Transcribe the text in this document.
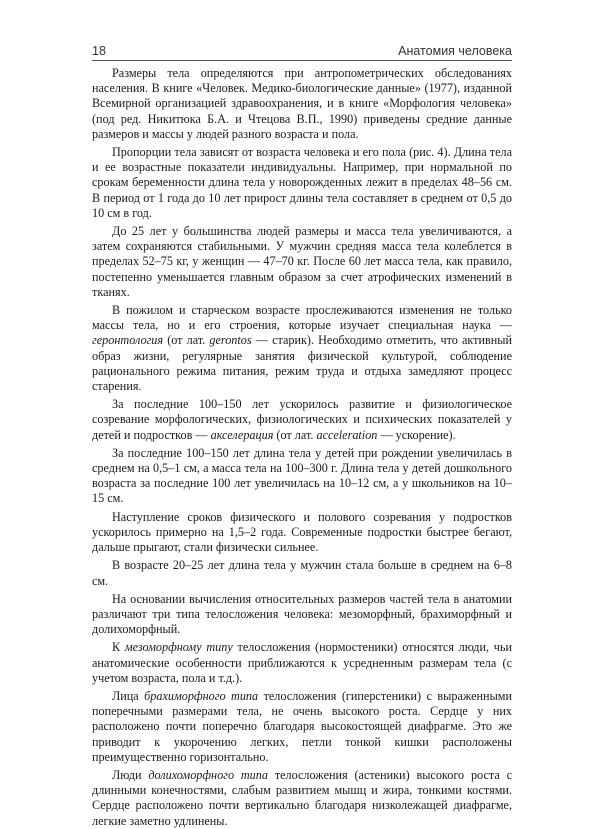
18	Анатомия человека

Размеры тела определяются при антропометрических обследованиях населения. В книге «Человек. Медико-биологические данные» (1977), изданной Всемирной организацией здравоохранения, и в книге «Морфология человека» (под ред. Никитюка Б.А. и Чтецова В.П., 1990) приведены средние данные размеров и массы у людей разного возраста и пола.

Пропорции тела зависят от возраста человека и его пола (рис. 4). Длина тела и ее возрастные показатели индивидуальны. Например, при нормальной по срокам беременности длина тела у новорожденных лежит в пределах 48–56 см. В период от 1 года до 10 лет прирост длины тела составляет в среднем от 0,5 до 10 см в год.

До 25 лет у большинства людей размеры и масса тела увеличиваются, а затем сохраняются стабильными. У мужчин средняя масса тела колеблется в пределах 52–75 кг, у женщин — 47–70 кг. После 60 лет масса тела, как правило, постепенно уменьшается главным образом за счет атрофических изменений в тканях.

В пожилом и старческом возрасте прослеживаются изменения не только массы тела, но и его строения, которые изучает специальная наука — геронтология (от лат. gerontos — старик). Необходимо отметить, что активный образ жизни, регулярные занятия физической культурой, соблюдение рационального режима питания, режим труда и отдыха замедляют процесс старения.

За последние 100–150 лет ускорилось развитие и физиологическое созревание морфологических, физиологических и психических показателей у детей и подростков — акселерация (от лат. acceleration — ускорение).

За последние 100–150 лет длина тела у детей при рождении увеличилась в среднем на 0,5–1 см, а масса тела на 100–300 г. Длина тела у детей дошкольного возраста за последние 100 лет увеличилась на 10–12 см, а у школьников на 10–15 см.

Наступление сроков физического и полового созревания у подростков ускорилось примерно на 1,5–2 года. Современные подростки быстрее бегают, дальше прыгают, стали физически сильнее.

В возрасте 20–25 лет длина тела у мужчин стала больше в среднем на 6–8 см.

На основании вычисления относительных размеров частей тела в анатомии различают три типа телосложения человека: мезоморфный, брахиморфный и долихоморфный.

К мезоморфному типу телосложения (нормостеники) относятся люди, чьи анатомические особенности приближаются к усредненным размерам тела (с учетом возраста, пола и т.д.).

Лица брахиморфного типа телосложения (гиперстеники) с выраженными поперечными размерами тела, не очень высокого роста. Сердце у них расположено почти поперечно благодаря высокостоящей диафрагме. Это же приводит к укорочению легких, петли тонкой кишки расположены преимущественно горизонтально.

Люди долихоморфного типа телосложения (астеники) высокого роста с длинными конечностями, слабым развитием мышц и жира, тонкими костями. Сердце расположено почти вертикально благодаря низколежащей диафрагме, легкие заметно удлинены.
